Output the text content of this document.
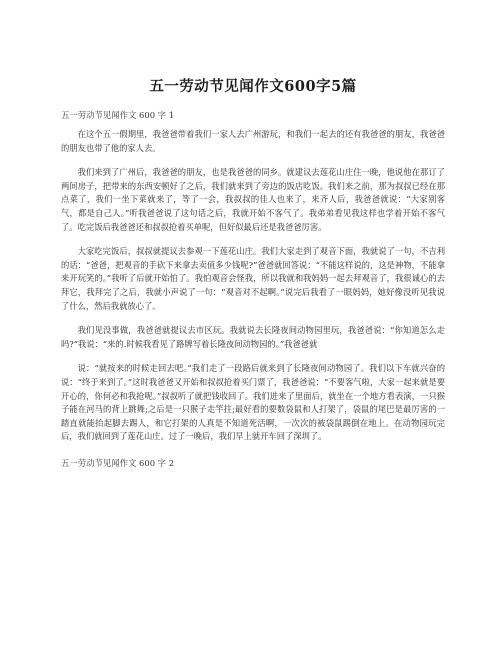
五一劳动节见闻作文600字5篇

五一劳动节见闻作文 600 字 1

在这个五一假期里，我爸爸带着我们一家人去广州游玩，和我们一起去的还有我爸爸的朋友，我爸爸的朋友也带了他的家人去。

我们来到了广州后，我爸爸的朋友，也是我爸爸的同乡。就建议去莲花山庄住一晚，他说他在那订了两间房子，把带来的东西安顿好了之后，我们就来到了旁边的饭店吃饭。我们来之前，那为叔叔已经在那点菜了，我们一坐下菜就来了，等了一会，我叔叔的佳人也来了，来齐人后，我爸爸就说：“大家别客气，都是自己人。”听我爸爸说了这句话之后，我就开始不客气了。我弟弟看见我这样也学着开始不客气了。吃完饭后我爸爸还和叔叔抢着买单呢，但好似最后还是我爸爸厉害。

大家吃完饭后，叔叔就提议去参观一下莲花山庄。我们大家走到了观音下面，我就说了一句，不吉利的话：“爸爸，把观音的手砍下来拿去卖值多少钱呢?”爸爸就回答说：“不能这样说的，这是神物，不能拿来开玩笑的。”我听了后就开始怕了。我怕观音会怪我，所以我就和我妈妈一起去拜观音了，我很诚心的去拜它，我拜完了之后，我就小声说了一句：“观音对不起啊。”说完后我看了一眼妈妈，她好像没听见我说了什么，然后我就放心了。

我们见没事做，我爸爸就提议去市区玩。我就说去长隆夜间动物园里玩，我爸爸说：“你知道怎么走吗?”我说：“来的.时候我看见了路牌写着长隆夜间动物园的。”我爸爸就

说：“就按来的时候走回去吧。”我们走了一段路后就来到了长隆夜间动物园了。我们以下车就兴奋的说：“终于来到了。”这时我爸爸又开始和叔叔抢着买门票了，我爸爸说：“不要客气啦，大家一起来就是要开心的，你何必和我抢呢。”叔叔听了就把钱收回了。我们进来了里面后，就坐在一个地方看表演，一只猴子能在河马的背上跳舞;之后是一只猴子走竿拄;最好看的要数袋鼠和人打架了，袋鼠的尾巴是最厉害的一踏直就能抬起脚去踢人，和它打架的人真是不知道死活啊，一次次的被袋鼠踢倒在地上。在动物园玩完后，我们就回到了莲花山庄。过了一晚后，我们早上就开车回了深圳了。

五一劳动节见闻作文 600 字 2
